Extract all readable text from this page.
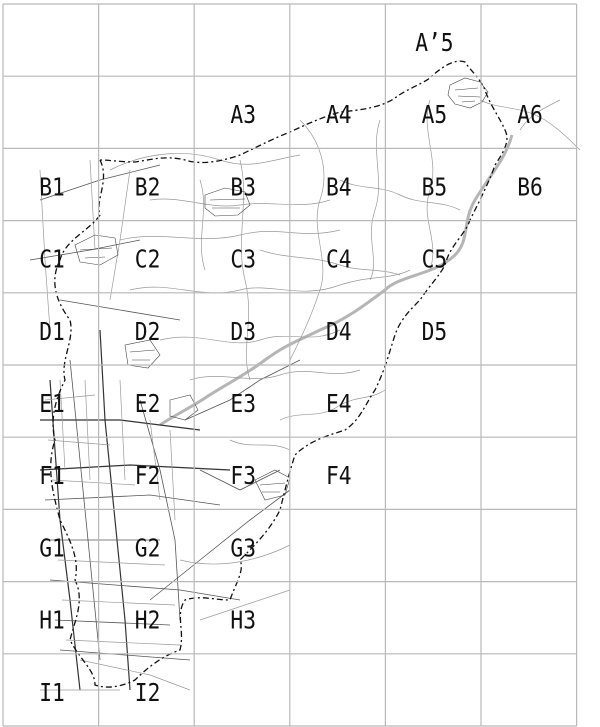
A’5
A3	A4	A5	A6
B1	B2	B3	B4	B5	B6
C1	C2	C3	C4	C5
D1	D2	D3	D4	D5
E1	E2	E3	E4
F1	F2	F3	F4
G1	G2	G3
H1	H2	H3
I1	I2
